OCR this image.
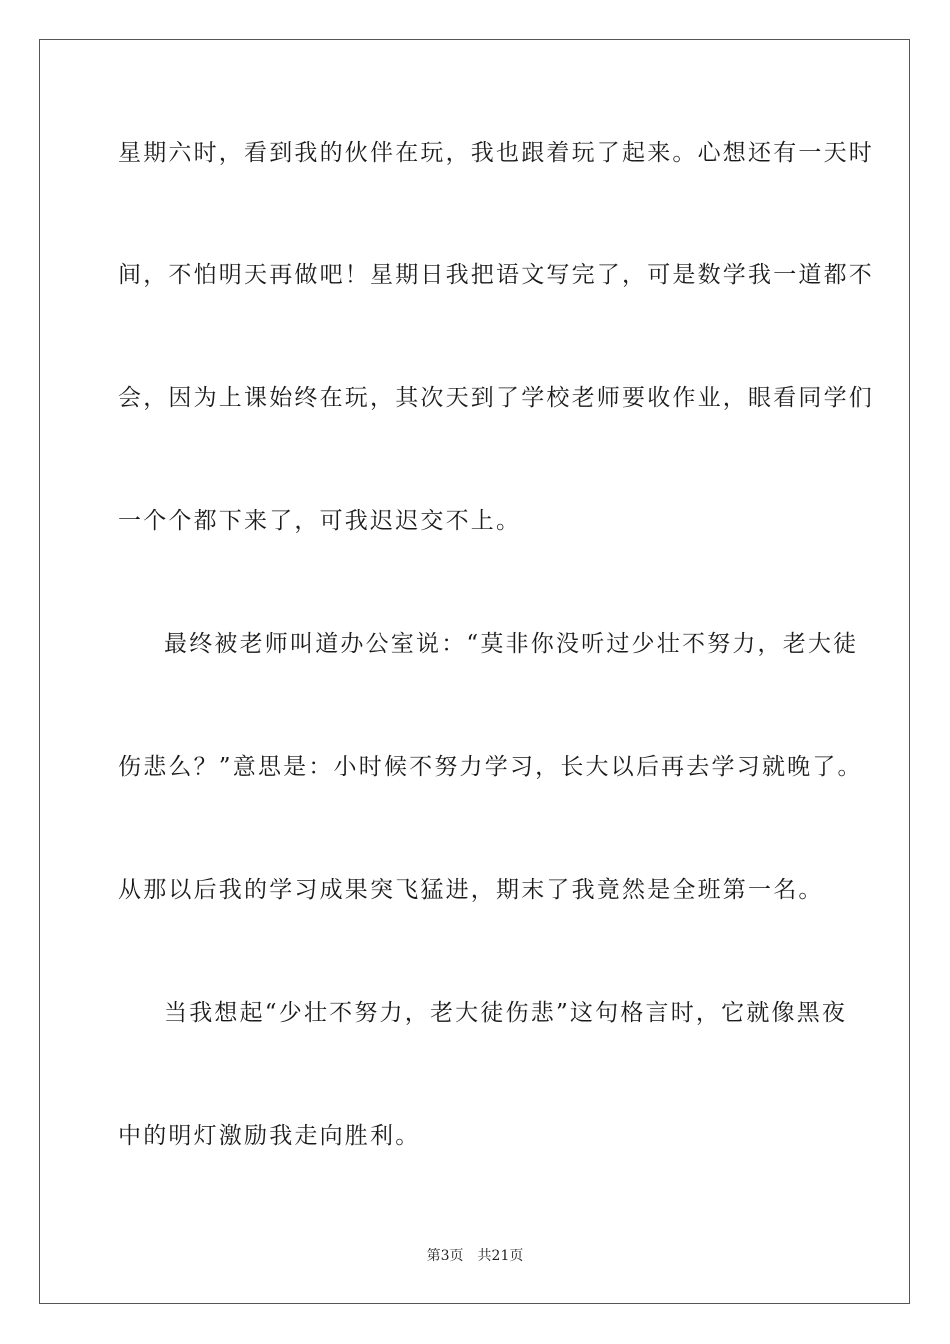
星期六时，看到我的伙伴在玩，我也跟着玩了起来。心想还有一天时
间，不怕明天再做吧！星期日我把语文写完了，可是数学我一道都不
会，因为上课始终在玩，其次天到了学校老师要收作业，眼看同学们
一个个都下来了，可我迟迟交不上。
最终被老师叫道办公室说：“莫非你没听过少壮不努力，老大徒
伤悲么？”意思是：小时候不努力学习，长大以后再去学习就晚了。
从那以后我的学习成果突飞猛进，期末了我竟然是全班第一名。
当我想起“少壮不努力，老大徒伤悲”这句格言时，它就像黑夜
中的明灯激励我走向胜利。
第3页 共21页
